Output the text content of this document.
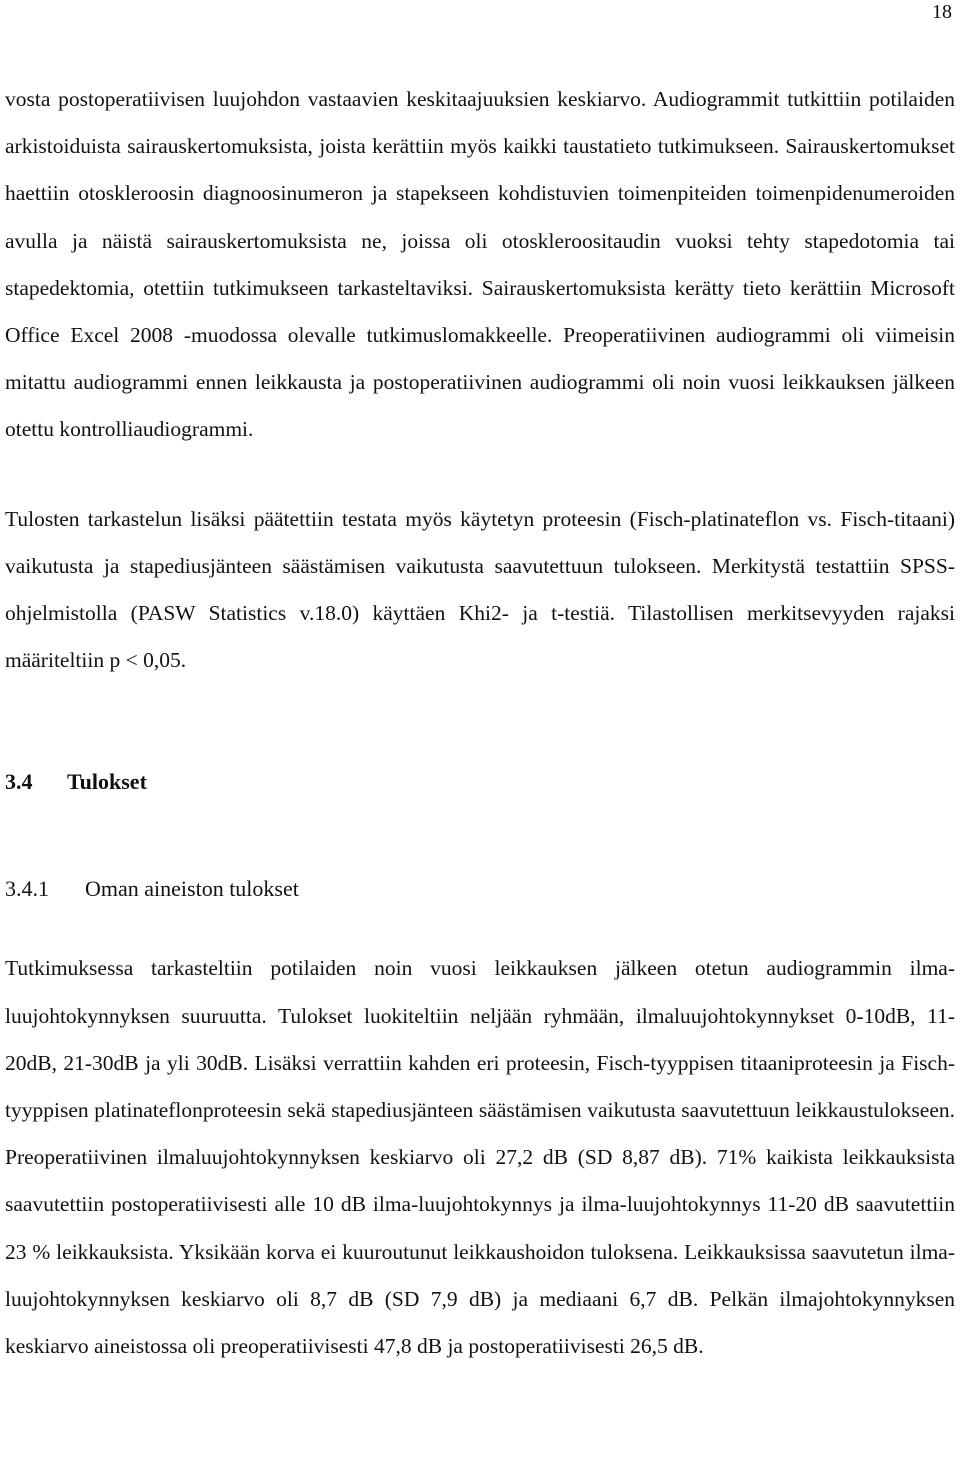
18

vosta postoperatiivisen luujohdon vastaavien keskitaajuuksien keskiarvo. Audiogrammit tutkittiin potilaiden arkistoiduista sairauskertomuksista, joista kerättiin myös kaikki taustatieto tutkimukseen. Sairauskertomukset haettiin otoskleroosin diagnoosinumeron ja stapekseen kohdistuvien toimenpiteiden toimenpidenumeroiden avulla ja näistä sairauskertomuksista ne, joissa oli otoskleroositaudin vuoksi tehty stapedotomia tai stapedektomia, otettiin tutkimukseen tarkasteltaviksi. Sairauskertomuksista kerätty tieto kerättiin Microsoft Office Excel 2008 -muodossa olevalle tutkimuslomakkeelle. Preoperatiivinen audiogrammi oli viimeisin mitattu audiogrammi ennen leikkausta ja postoperatiivinen audiogrammi oli noin vuosi leikkauksen jälkeen otettu kontrolliaudiogrammi.

Tulosten tarkastelun lisäksi päätettiin testata myös käytetyn proteesin (Fisch-platinateflon vs. Fisch-titaani) vaikutusta ja stapediusjänteen säästämisen vaikutusta saavutettuun tulokseen. Merkitystä testattiin SPSS-ohjelmistolla (PASW Statistics v.18.0) käyttäen Khi2- ja t-testiä. Tilastollisen merkitsevyyden rajaksi määriteltiin p < 0,05.

3.4	Tulokset
3.4.1	Oman aineiston tulokset

Tutkimuksessa tarkasteltiin potilaiden noin vuosi leikkauksen jälkeen otetun audiogrammin ilma-luujohtokynnyksen suuruutta. Tulokset luokiteltiin neljään ryhmään, ilmaluujohtokynnykset 0-10dB, 11-20dB, 21-30dB ja yli 30dB. Lisäksi verrattiin kahden eri proteesin, Fisch-tyyppisen titaaniproteesin ja Fisch-tyyppisen platinateflonproteesin sekä stapediusjänteen säästämisen vaikutusta saavutettuun leikkaustulokseen. Preoperatiivinen ilmaluujohtokynnyksen keskiarvo oli 27,2 dB (SD 8,87 dB). 71% kaikista leikkauksista saavutettiin postoperatiivisesti alle 10 dB ilma-luujohtokynnys ja ilma-luujohtokynnys 11-20 dB saavutettiin 23 % leikkauksista. Yksikään korva ei kuuroutunut leikkaushoidon tuloksena. Leikkauksissa saavutetun ilma-luujohtokynnyksen keskiarvo oli 8,7 dB (SD 7,9 dB) ja mediaani 6,7 dB. Pelkän ilmajohtokynnyksen keskiarvo aineistossa oli preoperatiivisesti 47,8 dB ja postoperatiivisesti 26,5 dB.
